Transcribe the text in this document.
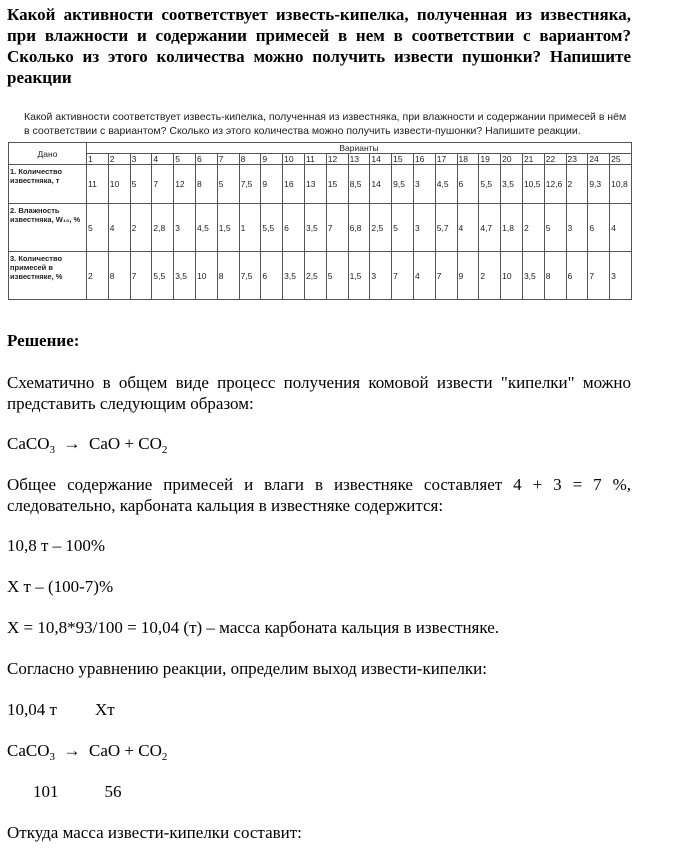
Какой активности соответствует известь-кипелка, полученная из известняка, при влажности и содержании примесей в нем в соответствии с вариантом? Сколько из этого количества можно получить извести пушонки? Напишите реакции
Какой активности соответствует известь-кипелка, полученная из известняка, при влажности и содержании примесей в нём в соответствии с вариантом? Сколько из этого количества можно получить извести-пушонки? Напишите реакции.
Дано	Варианты																								
	1	2	3	4	5	6	7	8	9	10	11	12	13	14	15	16	17	18	19	20	21	22	23	24	25
1. Количество известняка, т	11	10	5	7	12	8	5	7,5	9	16	13	15	8,5	14	9,5	3	4,5	6	5,5	3,5	10,5	12,6	2	9,3	10,8
2. Влажность известняка, W₁₀, %	5	4	2	2,8	3	4,5	1,5	1	5,5	6	3,5	7	6,8	2,5	5	3	5,7	4	4,7	1,8	2	5	3	6	4
3. Количество примесей в известняке, %	2	8	7	5,5	3,5	10	8	7,5	6	3,5	2,5	5	1,5	3	7	4	7	9	2	10	3,5	8	6	7	3
Решение:
Схематично в общем виде процесс получения комовой извести "кипелки" можно представить следующим образом:
CaCO$_3$ → CaO + $CO_2$
Общее содержание примесей и влаги в известняке составляет 4 + 3 = 7 %, следовательно, карбоната кальция в известняке содержится:
10,8 т – 100%
Х т – (100-7)%
Х = 10,8*93/100 = 10,04 (т) – масса карбоната кальция в известняке.
Согласно уравнению реакции, определим выход извести-кипелки:
10,04 т Хт
CaCO$_3$ → CaO + $CO_2$
101	56
Откуда масса извести-кипелки составит:
